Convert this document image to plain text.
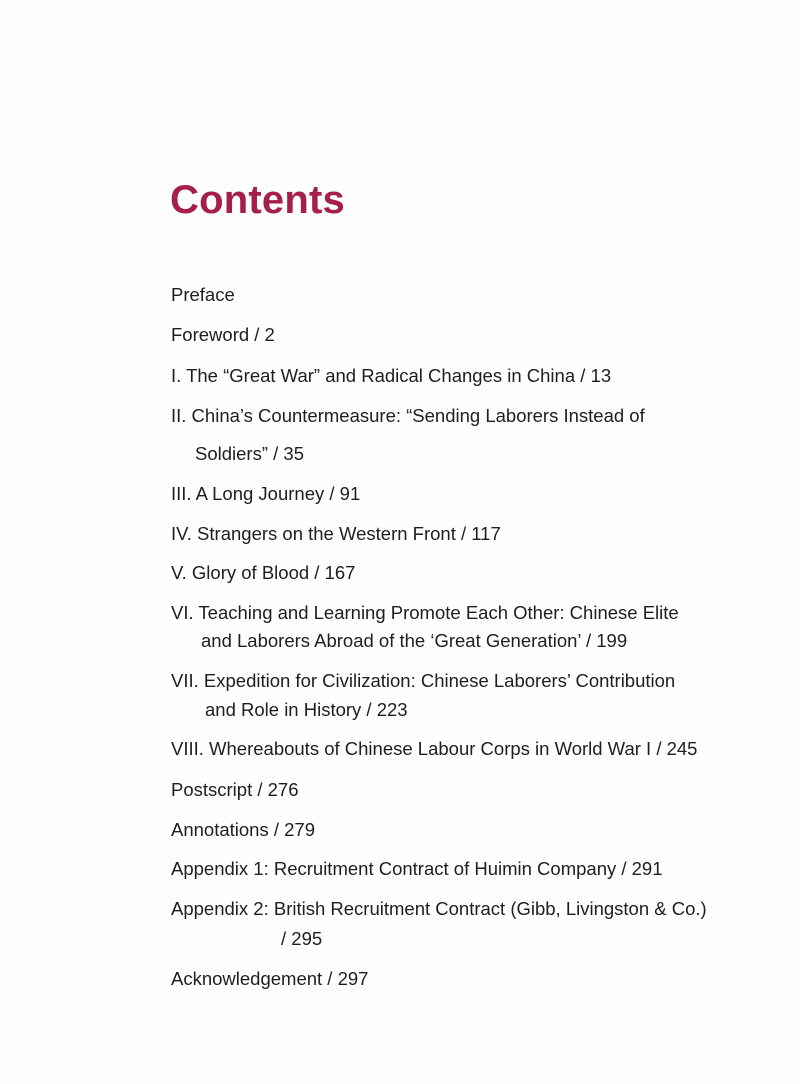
Contents
Preface
Foreword / 2
I. The “Great War” and Radical Changes in China / 13
II. China’s Countermeasure: “Sending Laborers Instead of
Soldiers” / 35
III. A Long Journey / 91
IV. Strangers on the Western Front / 117
V. Glory of Blood / 167
VI. Teaching and Learning Promote Each Other: Chinese Elite
and Laborers Abroad of the ‘Great Generation’ / 199
VII. Expedition for Civilization: Chinese Laborers’ Contribution
and Role in History / 223
VIII. Whereabouts of Chinese Labour Corps in World War I / 245
Postscript / 276
Annotations / 279
Appendix 1: Recruitment Contract of Huimin Company / 291
Appendix 2: British Recruitment Contract (Gibb, Livingston & Co.)
/ 295
Acknowledgement / 297
